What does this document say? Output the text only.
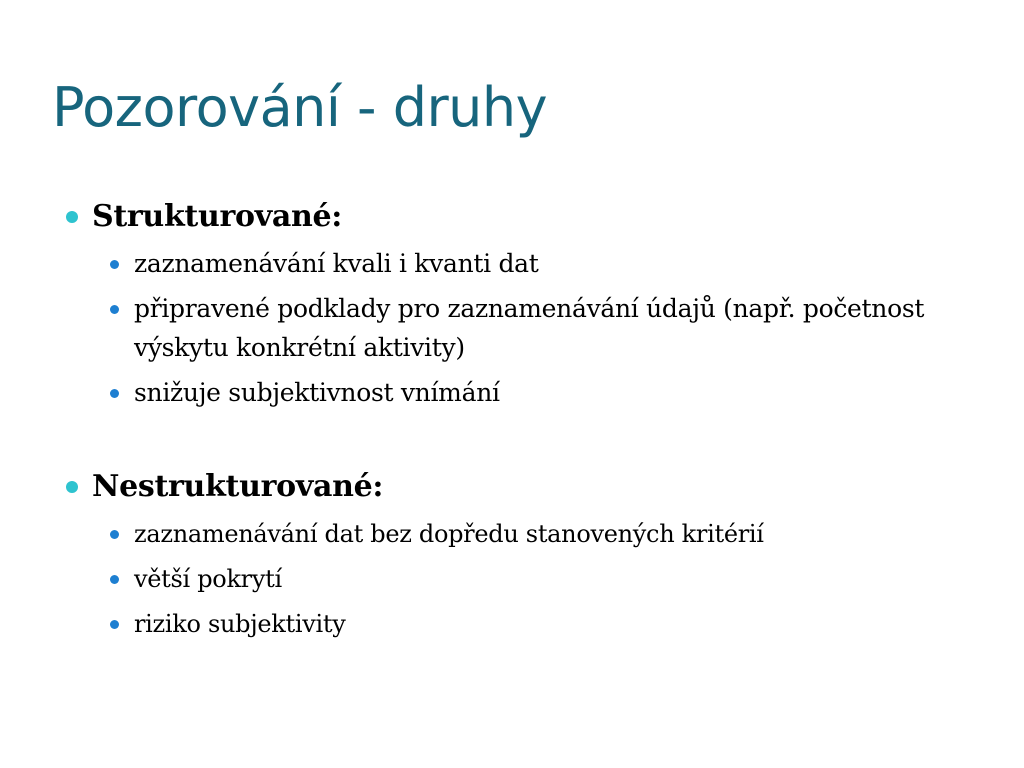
Pozorování - druhy
Strukturované:
zaznamenávání kvali i kvanti dat
připravené podklady pro zaznamenávání údajů (např. početnost výskytu konkrétní aktivity)
snižuje subjektivnost vnímání
Nestrukturované:
zaznamenávání dat bez dopředu stanovených kritérií
větší pokrytí
riziko subjektivity
